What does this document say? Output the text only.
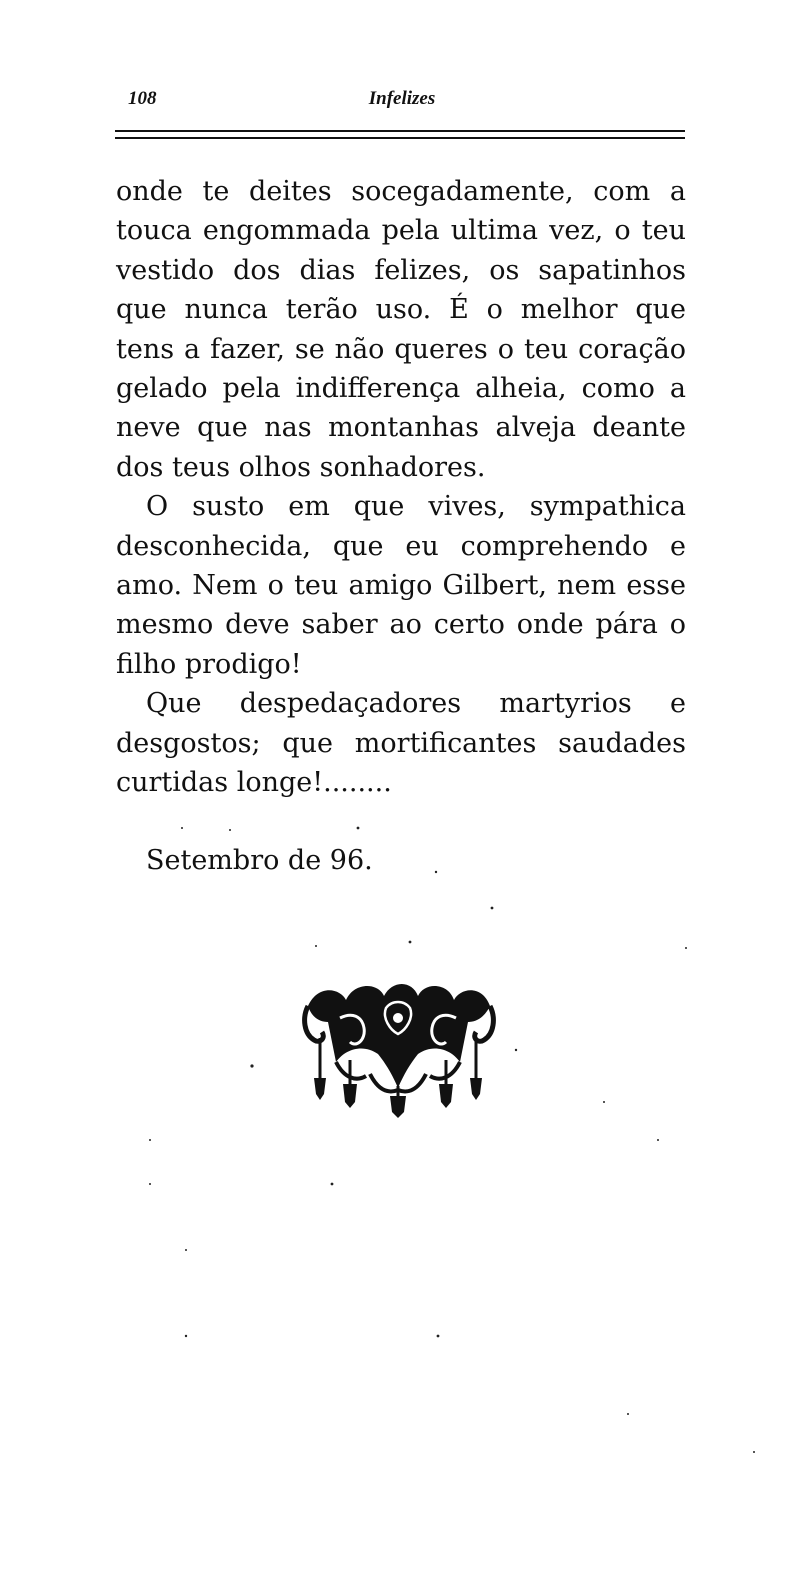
108	Infelizes

onde te deites socegadamente, com a touca engommada pela ultima vez, o teu vestido dos dias felizes, os sapatinhos que nunca terão uso. É o melhor que tens a fazer, se não queres o teu coração gelado pela indifferença alheia, como a neve que nas montanhas alveja deante dos teus olhos sonhadores.

O susto em que vives, sympathica desconhecida, que eu comprehendo e amo. Nem o teu amigo Gilbert, nem esse mesmo deve saber ao certo onde pára o filho prodigo!

Que despedaçadores martyrios e desgostos; que mortificantes saudades curtidas longe!........

Setembro de 96.
